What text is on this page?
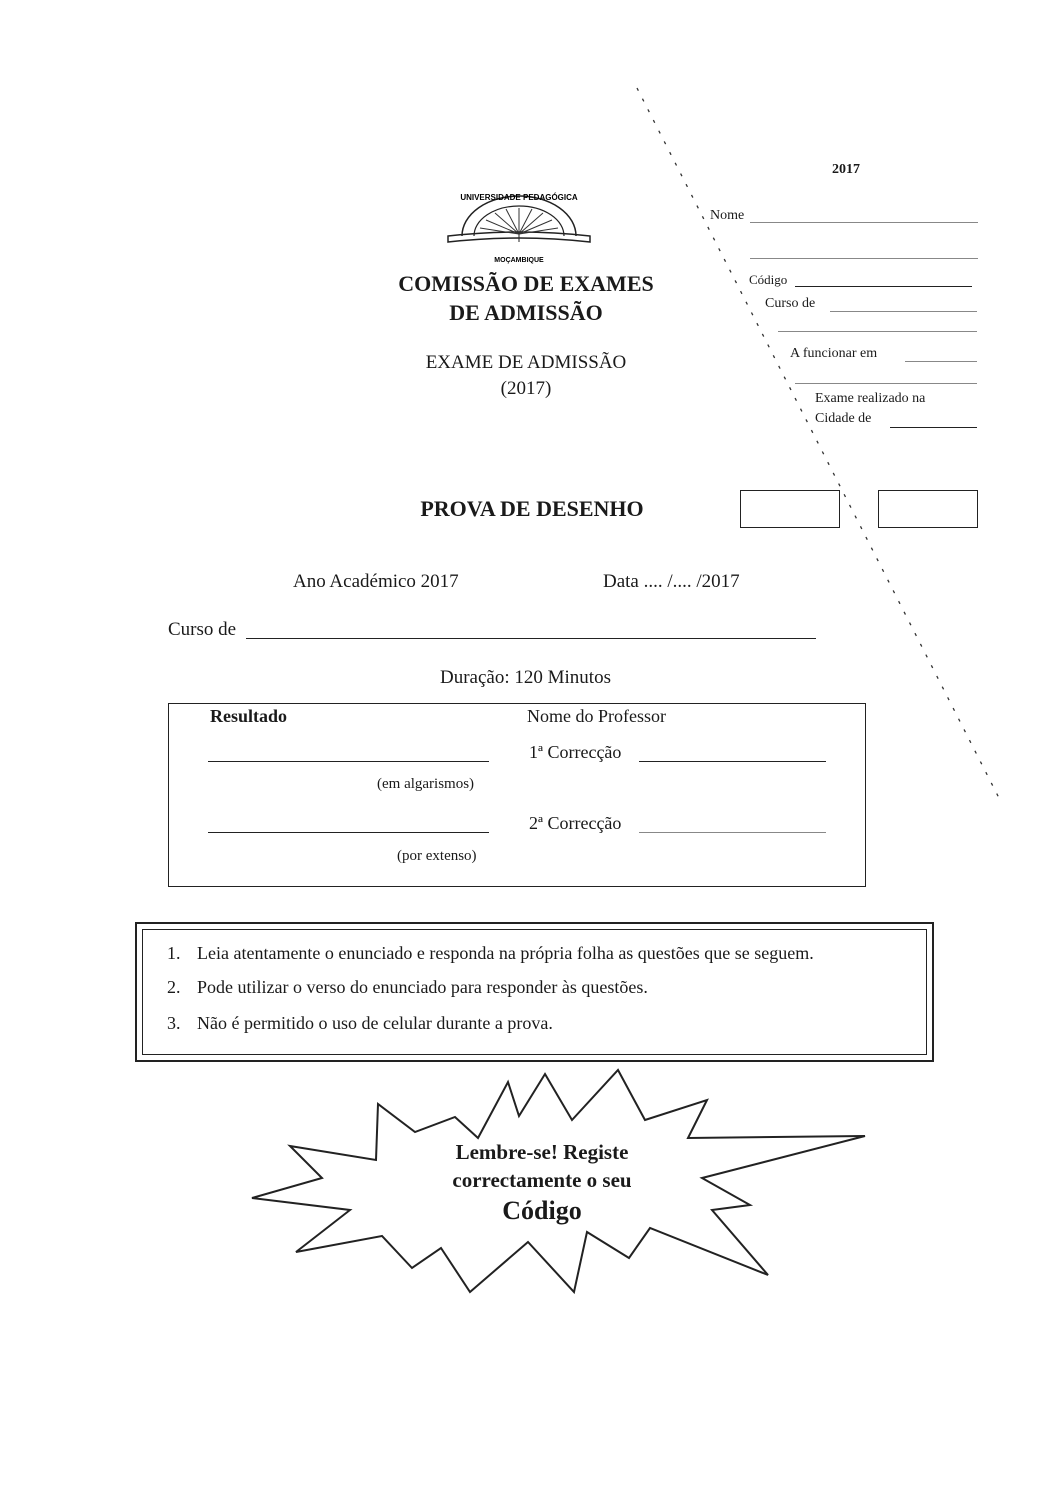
2017
Nome
Código
Curso de
A funcionar em
Exame realizado na
Cidade de
UNIVERSIDADE PEDAGÓGICA
MOÇAMBIQUE
COMISSÃO DE EXAMES
DE ADMISSÃO
EXAME DE ADMISSÃO
(2017)
PROVA DE DESENHO
Ano Académico 2017	Data .... /.... /2017
Curso de
Duração: 120 Minutos
Resultado
(em algarismos)
(por extenso)
Nome do Professor
1ª Correcção
2ª Correcção
1. Leia atentamente o enunciado e responda na própria folha as questões que se seguem.
2. Pode utilizar o verso do enunciado para responder às questões.
3. Não é permitido o uso de celular durante a prova.
Lembre-se! Registe
correctamente o seu
Código
